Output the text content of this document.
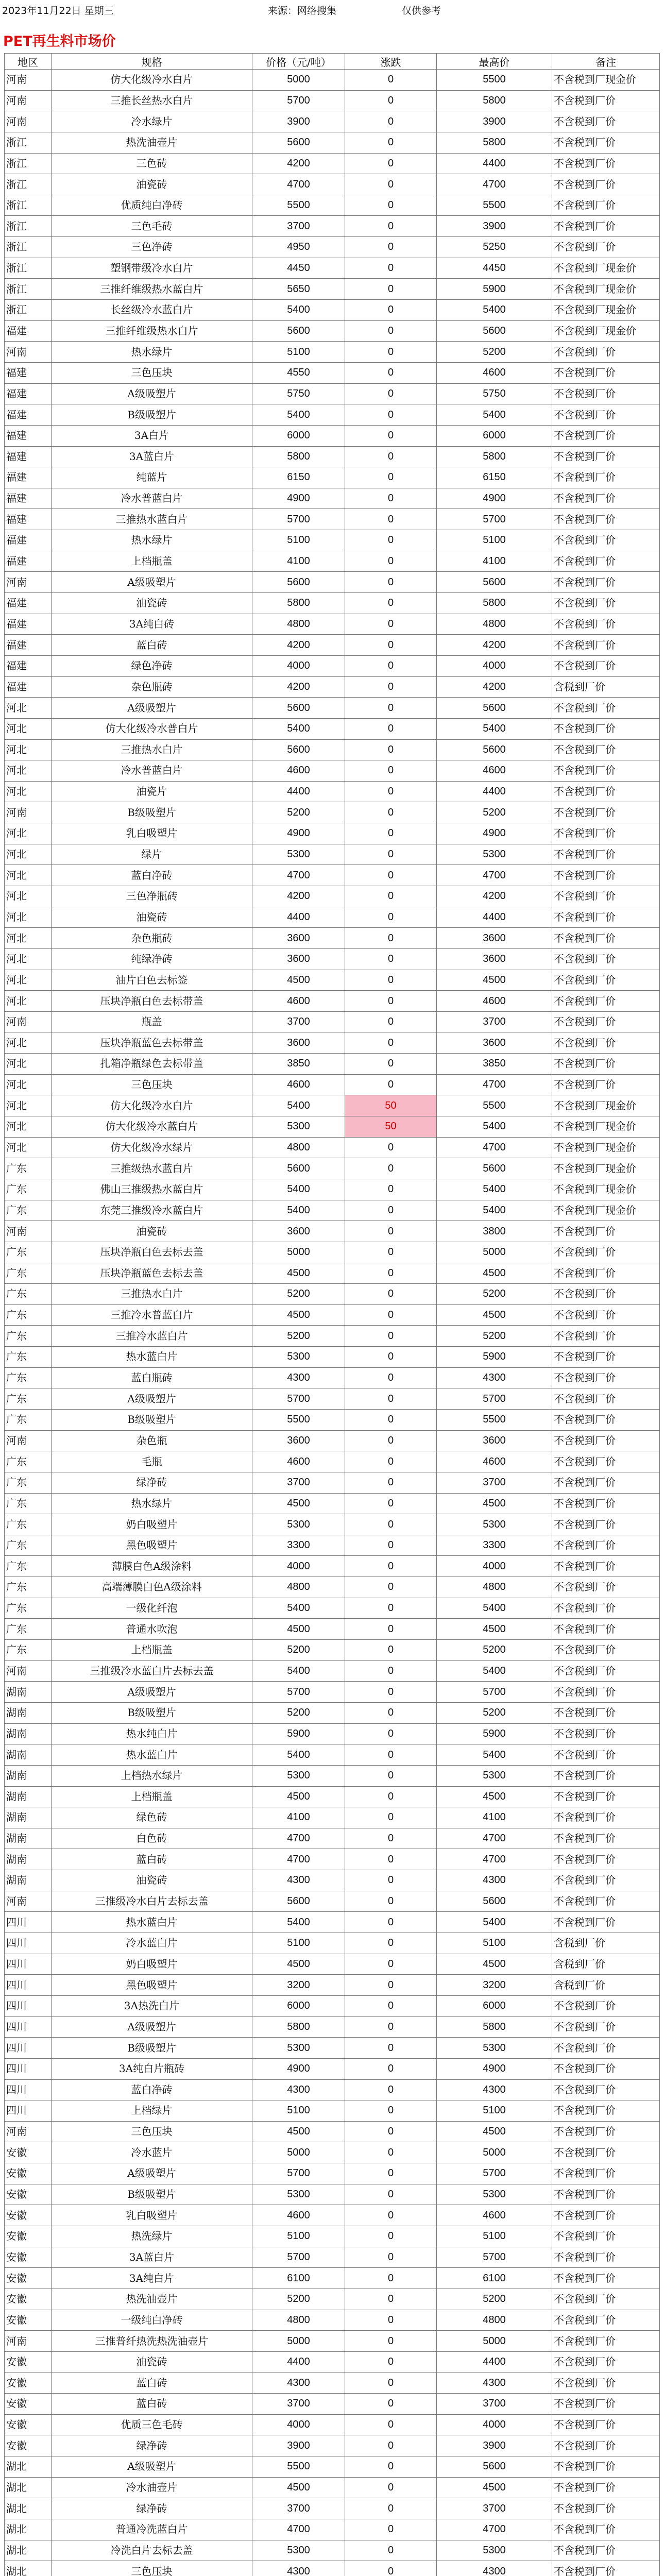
2023年11月22日 星期三	来源：网络搜集	仅供参考
PET再生料市场价
地区	规格	价格（元/吨）	涨跌	最高价	备注
河南	仿大化级冷水白片	5000	0	5500	不含税到厂现金价
河南	三推长丝热水白片	5700	0	5800	不含税到厂价
河南	冷水绿片	3900	0	3900	不含税到厂价
浙江	热洗油壶片	5600	0	5800	不含税到厂价
浙江	三色砖	4200	0	4400	不含税到厂价
浙江	油瓷砖	4700	0	4700	不含税到厂价
浙江	优质纯白净砖	5500	0	5500	不含税到厂价
浙江	三色毛砖	3700	0	3900	不含税到厂价
浙江	三色净砖	4950	0	5250	不含税到厂价
浙江	塑钢带级冷水白片	4450	0	4450	不含税到厂现金价
浙江	三推纤维级热水蓝白片	5650	0	5900	不含税到厂现金价
浙江	长丝级冷水蓝白片	5400	0	5400	不含税到厂现金价
福建	三推纤维级热水白片	5600	0	5600	不含税到厂现金价
河南	热水绿片	5100	0	5200	不含税到厂价
福建	三色压块	4550	0	4600	不含税到厂价
福建	A级吸塑片	5750	0	5750	不含税到厂价
福建	B级吸塑片	5400	0	5400	不含税到厂价
福建	3A白片	6000	0	6000	不含税到厂价
福建	3A蓝白片	5800	0	5800	不含税到厂价
福建	纯蓝片	6150	0	6150	不含税到厂价
福建	冷水普蓝白片	4900	0	4900	不含税到厂价
福建	三推热水蓝白片	5700	0	5700	不含税到厂价
福建	热水绿片	5100	0	5100	不含税到厂价
福建	上档瓶盖	4100	0	4100	不含税到厂价
河南	A级吸塑片	5600	0	5600	不含税到厂价
福建	油瓷砖	5800	0	5800	不含税到厂价
福建	3A纯白砖	4800	0	4800	不含税到厂价
福建	蓝白砖	4200	0	4200	不含税到厂价
福建	绿色净砖	4000	0	4000	不含税到厂价
福建	杂色瓶砖	4200	0	4200	含税到厂价
河北	A级吸塑片	5600	0	5600	不含税到厂价
河北	仿大化级冷水普白片	5400	0	5400	不含税到厂价
河北	三推热水白片	5600	0	5600	不含税到厂价
河北	冷水普蓝白片	4600	0	4600	不含税到厂价
河北	油瓷片	4400	0	4400	不含税到厂价
河南	B级吸塑片	5200	0	5200	不含税到厂价
河北	乳白吸塑片	4900	0	4900	不含税到厂价
河北	绿片	5300	0	5300	不含税到厂价
河北	蓝白净砖	4700	0	4700	不含税到厂价
河北	三色净瓶砖	4200	0	4200	不含税到厂价
河北	油瓷砖	4400	0	4400	不含税到厂价
河北	杂色瓶砖	3600	0	3600	不含税到厂价
河北	纯绿净砖	3600	0	3600	不含税到厂价
河北	油片白色去标签	4500	0	4500	不含税到厂价
河北	压块净瓶白色去标带盖	4600	0	4600	不含税到厂价
河南	瓶盖	3700	0	3700	不含税到厂价
河北	压块净瓶蓝色去标带盖	3600	0	3600	不含税到厂价
河北	扎箱净瓶绿色去标带盖	3850	0	3850	不含税到厂价
河北	三色压块	4600	0	4700	不含税到厂价
河北	仿大化级冷水白片	5400	50	5500	不含税到厂现金价
河北	仿大化级冷水蓝白片	5300	50	5400	不含税到厂现金价
河北	仿大化级冷水绿片	4800	0	4700	不含税到厂现金价
广东	三推级热水蓝白片	5600	0	5600	不含税到厂现金价
广东	佛山三推级热水蓝白片	5400	0	5400	不含税到厂现金价
广东	东莞三推级冷水蓝白片	5400	0	5400	不含税到厂现金价
河南	油瓷砖	3600	0	3800	不含税到厂价
广东	压块净瓶白色去标去盖	5000	0	5000	不含税到厂价
广东	压块净瓶蓝色去标去盖	4500	0	4500	不含税到厂价
广东	三推热水白片	5200	0	5200	不含税到厂价
广东	三推冷水普蓝白片	4500	0	4500	不含税到厂价
广东	三推冷水蓝白片	5200	0	5200	不含税到厂价
广东	热水蓝白片	5300	0	5900	不含税到厂价
广东	蓝白瓶砖	4300	0	4300	不含税到厂价
广东	A级吸塑片	5700	0	5700	不含税到厂价
广东	B级吸塑片	5500	0	5500	不含税到厂价
河南	杂色瓶	3600	0	3600	不含税到厂价
广东	毛瓶	4600	0	4600	不含税到厂价
广东	绿净砖	3700	0	3700	不含税到厂价
广东	热水绿片	4500	0	4500	不含税到厂价
广东	奶白吸塑片	5300	0	5300	不含税到厂价
广东	黑色吸塑片	3300	0	3300	不含税到厂价
广东	薄膜白色A级涂料	4000	0	4000	不含税到厂价
广东	高端薄膜白色A级涂料	4800	0	4800	不含税到厂价
广东	一级化纤泡	5400	0	5400	不含税到厂价
广东	普通水吹泡	4500	0	4500	不含税到厂价
广东	上档瓶盖	5200	0	5200	不含税到厂价
河南	三推级冷水蓝白片去标去盖	5400	0	5400	不含税到厂价
湖南	A级吸塑片	5700	0	5700	不含税到厂价
湖南	B级吸塑片	5200	0	5200	不含税到厂价
湖南	热水纯白片	5900	0	5900	不含税到厂价
湖南	热水蓝白片	5400	0	5400	不含税到厂价
湖南	上档热水绿片	5300	0	5300	不含税到厂价
湖南	上档瓶盖	4500	0	4500	不含税到厂价
湖南	绿色砖	4100	0	4100	不含税到厂价
湖南	白色砖	4700	0	4700	不含税到厂价
湖南	蓝白砖	4700	0	4700	不含税到厂价
湖南	油瓷砖	4300	0	4300	不含税到厂价
河南	三推级冷水白片去标去盖	5600	0	5600	不含税到厂价
四川	热水蓝白片	5400	0	5400	不含税到厂价
四川	冷水蓝白片	5100	0	5100	含税到厂价
四川	奶白吸塑片	4500	0	4500	含税到厂价
四川	黑色吸塑片	3200	0	3200	含税到厂价
四川	3A热洗白片	6000	0	6000	不含税到厂价
四川	A级吸塑片	5800	0	5800	不含税到厂价
四川	B级吸塑片	5300	0	5300	不含税到厂价
四川	3A纯白片瓶砖	4900	0	4900	不含税到厂价
四川	蓝白净砖	4300	0	4300	不含税到厂价
四川	上档绿片	5100	0	5100	不含税到厂价
河南	三色压块	4500	0	4500	不含税到厂价
安徽	冷水蓝片	5000	0	5000	不含税到厂价
安徽	A级吸塑片	5700	0	5700	不含税到厂价
安徽	B级吸塑片	5300	0	5300	不含税到厂价
安徽	乳白吸塑片	4600	0	4600	不含税到厂价
安徽	热洗绿片	5100	0	5100	不含税到厂价
安徽	3A蓝白片	5700	0	5700	不含税到厂价
安徽	3A纯白片	6100	0	6100	不含税到厂价
安徽	热洗油壶片	5200	0	5200	不含税到厂价
安徽	一级纯白净砖	4800	0	4800	不含税到厂价
河南	三推普纤热洗热洗油壶片	5000	0	5000	不含税到厂价
安徽	油瓷砖	4400	0	4400	不含税到厂价
安徽	蓝白砖	4300	0	4300	不含税到厂价
安徽	蓝白砖	3700	0	3700	不含税到厂价
安徽	优质三色毛砖	4000	0	4000	不含税到厂价
安徽	绿净砖	3900	0	3900	不含税到厂价
湖北	A级吸塑片	5500	0	5600	不含税到厂价
湖北	冷水油壶片	4500	0	4500	不含税到厂价
湖北	绿净砖	3700	0	3700	不含税到厂价
湖北	普通冷洗蓝白片	4700	0	4700	不含税到厂价
湖北	冷洗白片去标去盖	5300	0	5300	不含税到厂价
湖北	三色压块	4300	0	4300	不含税到厂价
